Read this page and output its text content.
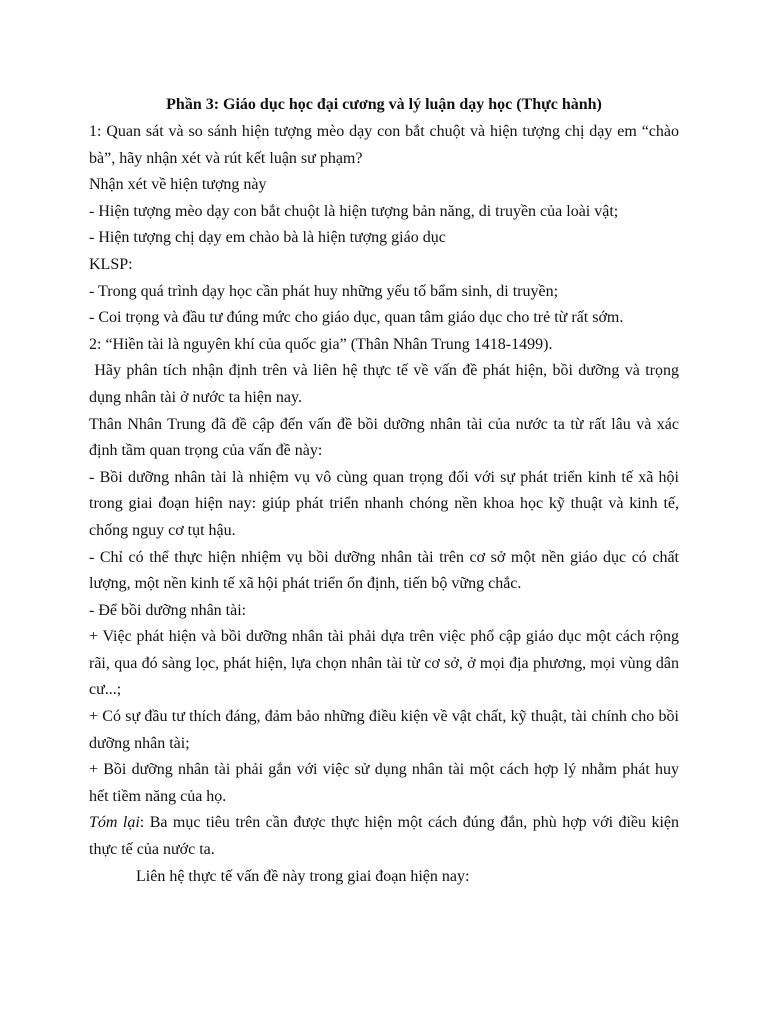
Phần 3: Giáo dục học đại cương và lý luận dạy học (Thực hành)

1: Quan sát và so sánh hiện tượng mèo dạy con bắt chuột và hiện tượng chị dạy em “chào bà”, hãy nhận xét và rút kết luận sư phạm?

Nhận xét về hiện tượng này

- Hiện tượng mèo dạy con bắt chuột là hiện tượng bản năng, di truyền của loài vật;

- Hiện tượng chị dạy em chào bà là hiện tượng giáo dục

KLSP:

- Trong quá trình dạy học cần phát huy những yếu tố bẩm sinh, di truyền;

- Coi trọng và đầu tư đúng mức cho giáo dục, quan tâm giáo dục cho trẻ từ rất sớm.

2: “Hiền tài là nguyên khí của quốc gia” (Thân Nhân Trung 1418-1499).

Hãy phân tích nhận định trên và liên hệ thực tế về vấn đề phát hiện, bồi dưỡng và trọng dụng nhân tài ở nước ta hiện nay.

Thân Nhân Trung đã đề cập đến vấn đề bồi dưỡng nhân tài của nước ta từ rất lâu và xác định tầm quan trọng của vấn đề này:

- Bồi dưỡng nhân tài là nhiệm vụ vô cùng quan trọng đối với sự phát triển kinh tế xã hội trong giai đoạn hiện nay: giúp phát triển nhanh chóng nền khoa học kỹ thuật và kinh tế, chống nguy cơ tụt hậu.

- Chỉ có thể thực hiện nhiệm vụ bồi dưỡng nhân tài trên cơ sở một nền giáo dục có chất lượng, một nền kinh tế xã hội phát triển ổn định, tiến bộ vững chắc.

- Để bồi dưỡng nhân tài:

+ Việc phát hiện và bồi dưỡng nhân tài phải dựa trên việc phổ cập giáo dục một cách rộng rãi, qua đó sàng lọc, phát hiện, lựa chọn nhân tài từ cơ sở, ở mọi địa phương, mọi vùng dân cư...;

+ Có sự đầu tư thích đáng, đảm bảo những điều kiện về vật chất, kỹ thuật, tài chính cho bồi dưỡng nhân tài;

+ Bồi dưỡng nhân tài phải gắn với việc sử dụng nhân tài một cách hợp lý nhằm phát huy hết tiềm năng của họ.

Tóm lại: Ba mục tiêu trên cần được thực hiện một cách đúng đắn, phù hợp với điều kiện thực tế của nước ta.

Liên hệ thực tế vấn đề này trong giai đoạn hiện nay:
